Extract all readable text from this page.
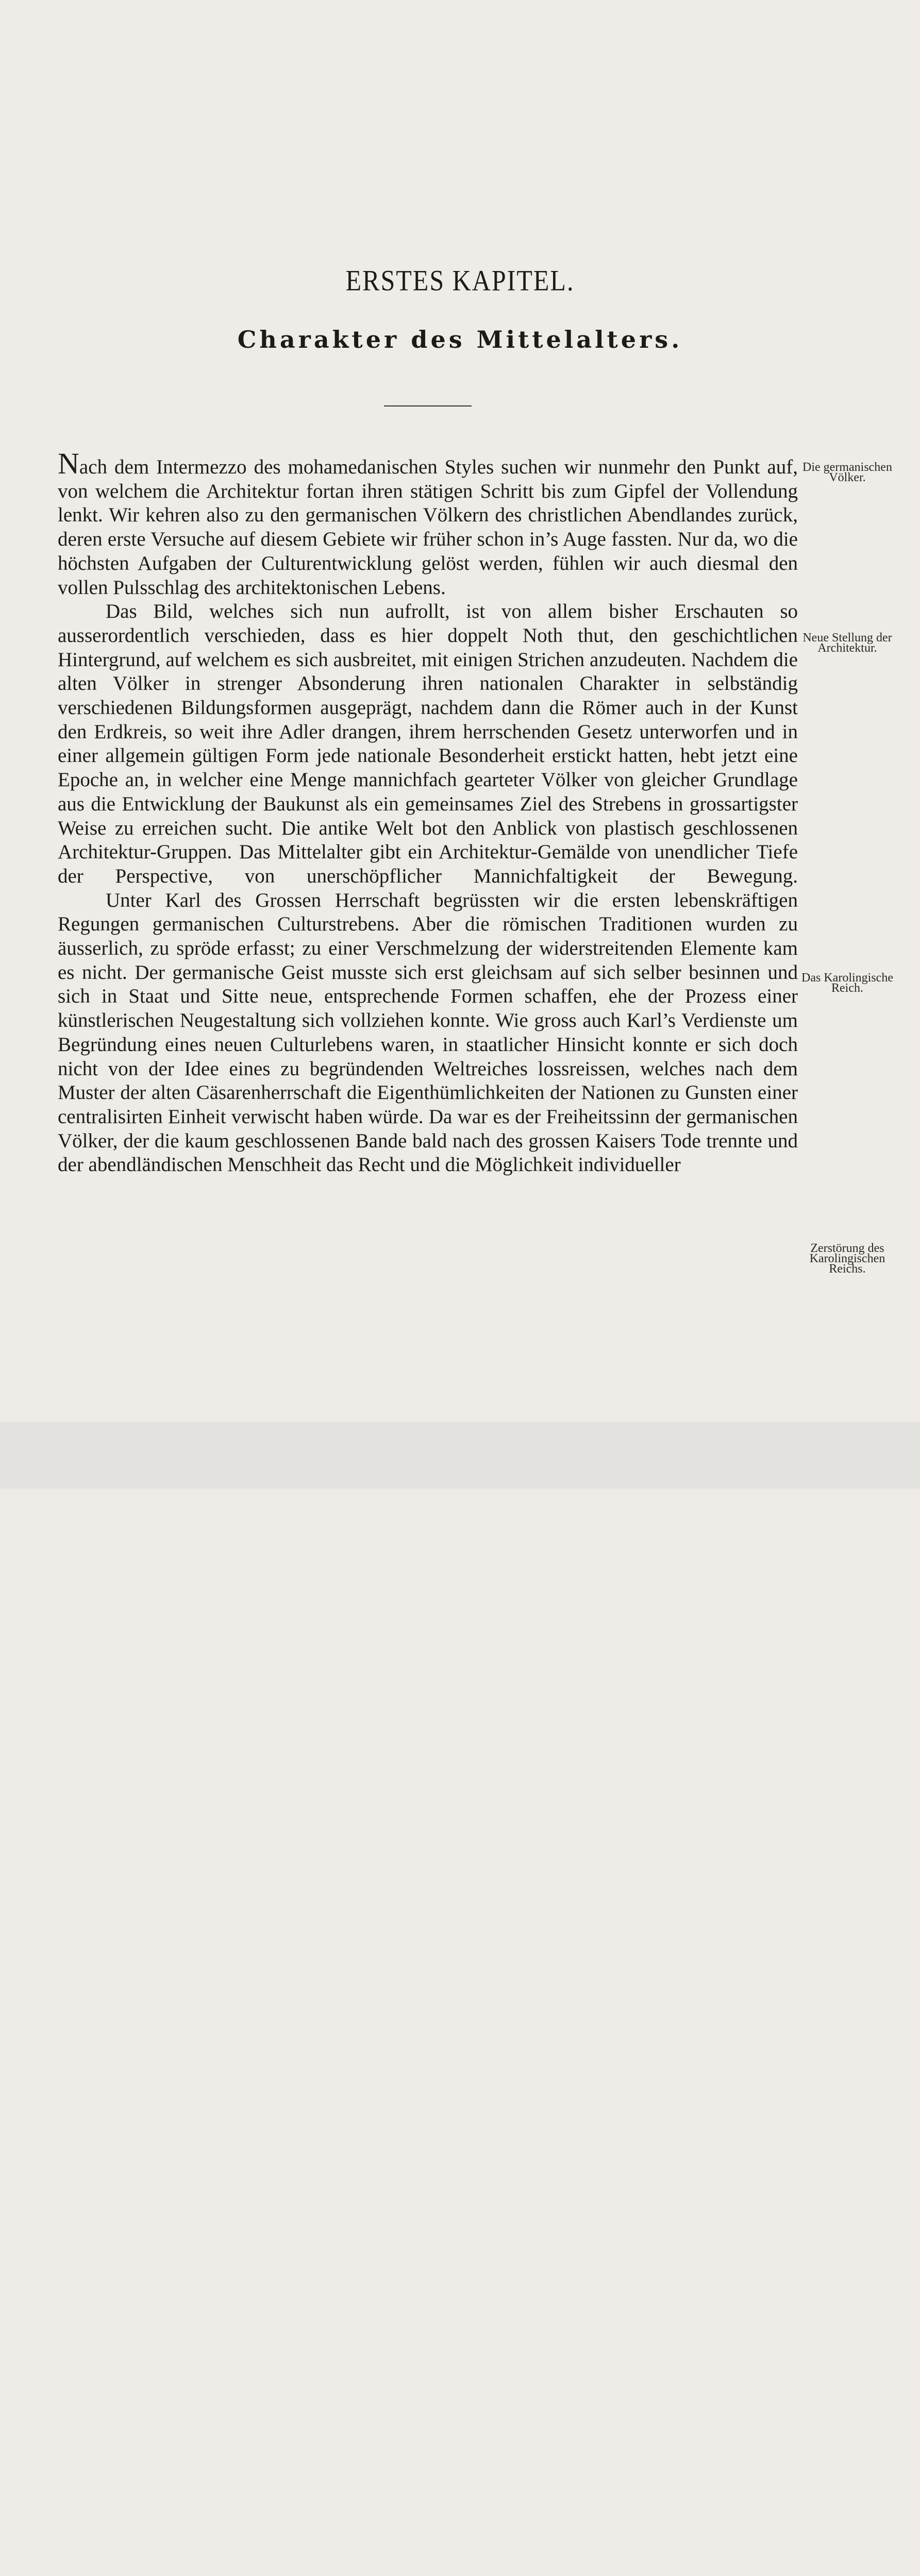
ERSTES KAPITEL.
Charakter des Mittelalters.

Nach dem Intermezzo des mohamedanischen Styles suchen wir nunmehr den Punkt auf, von welchem die Architektur fortan ihren stätigen Schritt bis zum Gipfel der Vollendung lenkt. Wir kehren also zu den germanischen Völkern des christlichen Abendlandes zurück, deren erste Versuche auf diesem Gebiete wir früher schon in’s Auge fassten. Nur da, wo die höchsten Aufgaben der Culturentwicklung gelöst werden, fühlen wir auch diesmal den vollen Pulsschlag des architektonischen Lebens.

Das Bild, welches sich nun aufrollt, ist von allem bisher Erschauten so ausserordentlich verschieden, dass es hier doppelt Noth thut, den geschichtlichen Hintergrund, auf welchem es sich ausbreitet, mit einigen Strichen anzudeuten. Nachdem die alten Völker in strenger Absonderung ihren nationalen Charakter in selbständig verschiedenen Bildungsformen ausgeprägt, nachdem dann die Römer auch in der Kunst den Erdkreis, so weit ihre Adler drangen, ihrem herrschenden Gesetz unterworfen und in einer allgemein gültigen Form jede nationale Besonderheit erstickt hatten, hebt jetzt eine Epoche an, in welcher eine Menge mannichfach gearteter Völker von gleicher Grundlage aus die Entwicklung der Baukunst als ein gemeinsames Ziel des Strebens in grossartigster Weise zu erreichen sucht. Die antike Welt bot den Anblick von plastisch geschlossenen Architektur-Gruppen. Das Mittelalter gibt ein Architektur-Gemälde von unendlicher Tiefe der Perspective, von unerschöpflicher Mannichfaltigkeit der Bewegung.

Unter Karl des Grossen Herrschaft begrüssten wir die ersten lebenskräftigen Regungen germanischen Culturstrebens. Aber die römischen Traditionen wurden zu äusserlich, zu spröde erfasst; zu einer Verschmelzung der widerstreitenden Elemente kam es nicht. Der germanische Geist musste sich erst gleichsam auf sich selber besinnen und sich in Staat und Sitte neue, entsprechende Formen schaffen, ehe der Prozess einer künstlerischen Neugestaltung sich vollziehen konnte. Wie gross auch Karl’s Verdienste um Begründung eines neuen Culturlebens waren, in staatlicher Hinsicht konnte er sich doch nicht von der Idee eines zu begründenden Weltreiches lossreissen, welches nach dem Muster der alten Cäsarenherrschaft die Eigenthümlichkeiten der Nationen zu Gunsten einer centralisirten Einheit verwischt haben würde. Da war es der Freiheitssinn der germanischen Völker, der die kaum geschlossenen Bande bald nach des grossen Kaisers Tode trennte und der abendländischen Menschheit das Recht und die Möglichkeit individueller

Die germanischen Völker.
Neue Stellung der Architektur.
Das Karolingische Reich.
Zerstörung des Karolingischen Reichs.
